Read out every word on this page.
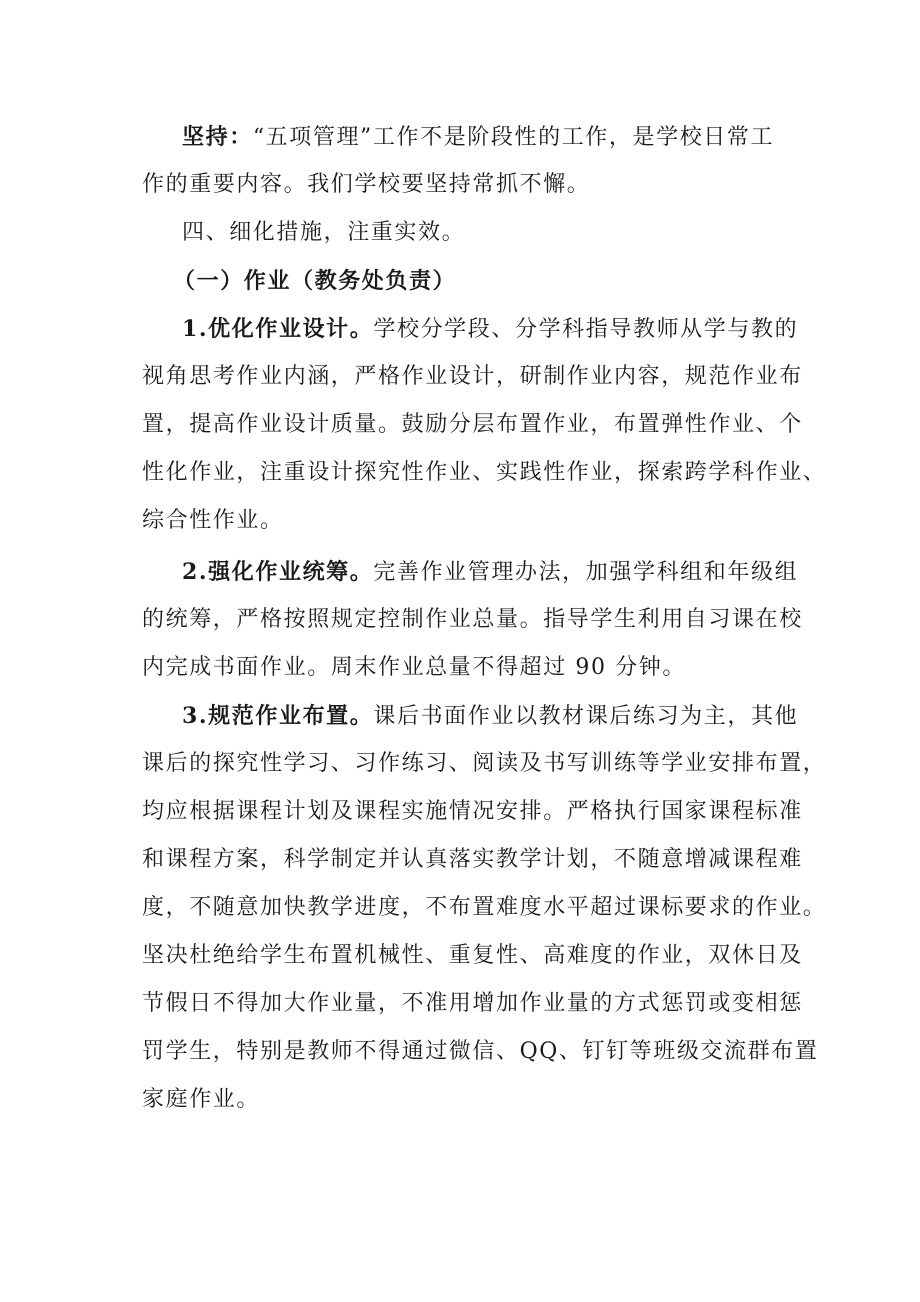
坚持：“五项管理”工作不是阶段性的工作，是学校日常工
作的重要内容。我们学校要坚持常抓不懈。
四、细化措施，注重实效。
（一）作业（教务处负责）
1.优化作业设计。学校分学段、分学科指导教师从学与教的
视角思考作业内涵，严格作业设计，研制作业内容，规范作业布
置，提高作业设计质量。鼓励分层布置作业，布置弹性作业、个
性化作业，注重设计探究性作业、实践性作业，探索跨学科作业、
综合性作业。
2.强化作业统筹。完善作业管理办法，加强学科组和年级组
的统筹，严格按照规定控制作业总量。指导学生利用自习课在校
内完成书面作业。周末作业总量不得超过 90 分钟。
3.规范作业布置。课后书面作业以教材课后练习为主，其他
课后的探究性学习、习作练习、阅读及书写训练等学业安排布置，
均应根据课程计划及课程实施情况安排。严格执行国家课程标准
和课程方案，科学制定并认真落实教学计划，不随意增减课程难
度，不随意加快教学进度，不布置难度水平超过课标要求的作业。
坚决杜绝给学生布置机械性、重复性、高难度的作业，双休日及
节假日不得加大作业量，不准用增加作业量的方式惩罚或变相惩
罚学生，特别是教师不得通过微信、QQ、钉钉等班级交流群布置
家庭作业。
